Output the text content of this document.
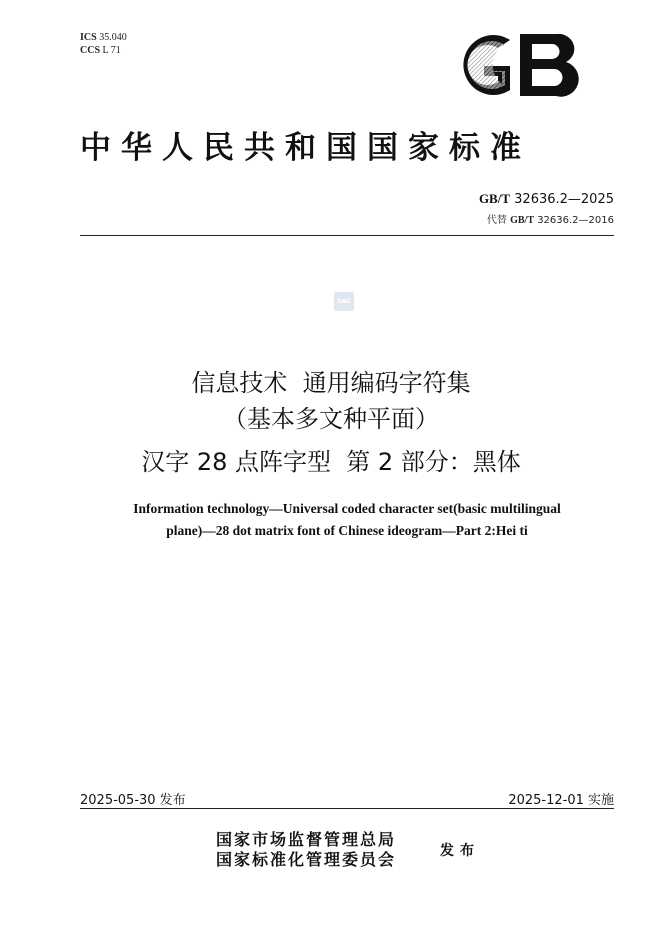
ICS 35.040
CCS L 71
中华人民共和国国家标准
GB/T 32636.2—2025
代替 GB/T 32636.2—2016
SAC
信息技术  通用编码字符集
（基本多文种平面）
汉字 28 点阵字型  第 2 部分：黑体
Information technology—Universal coded character set(basic multilingual
plane)—28 dot matrix font of Chinese ideogram—Part 2:Hei ti
2025-05-30 发布	2025-12-01 实施
国家市场监督管理总局
国家标准化管理委员会	发布
